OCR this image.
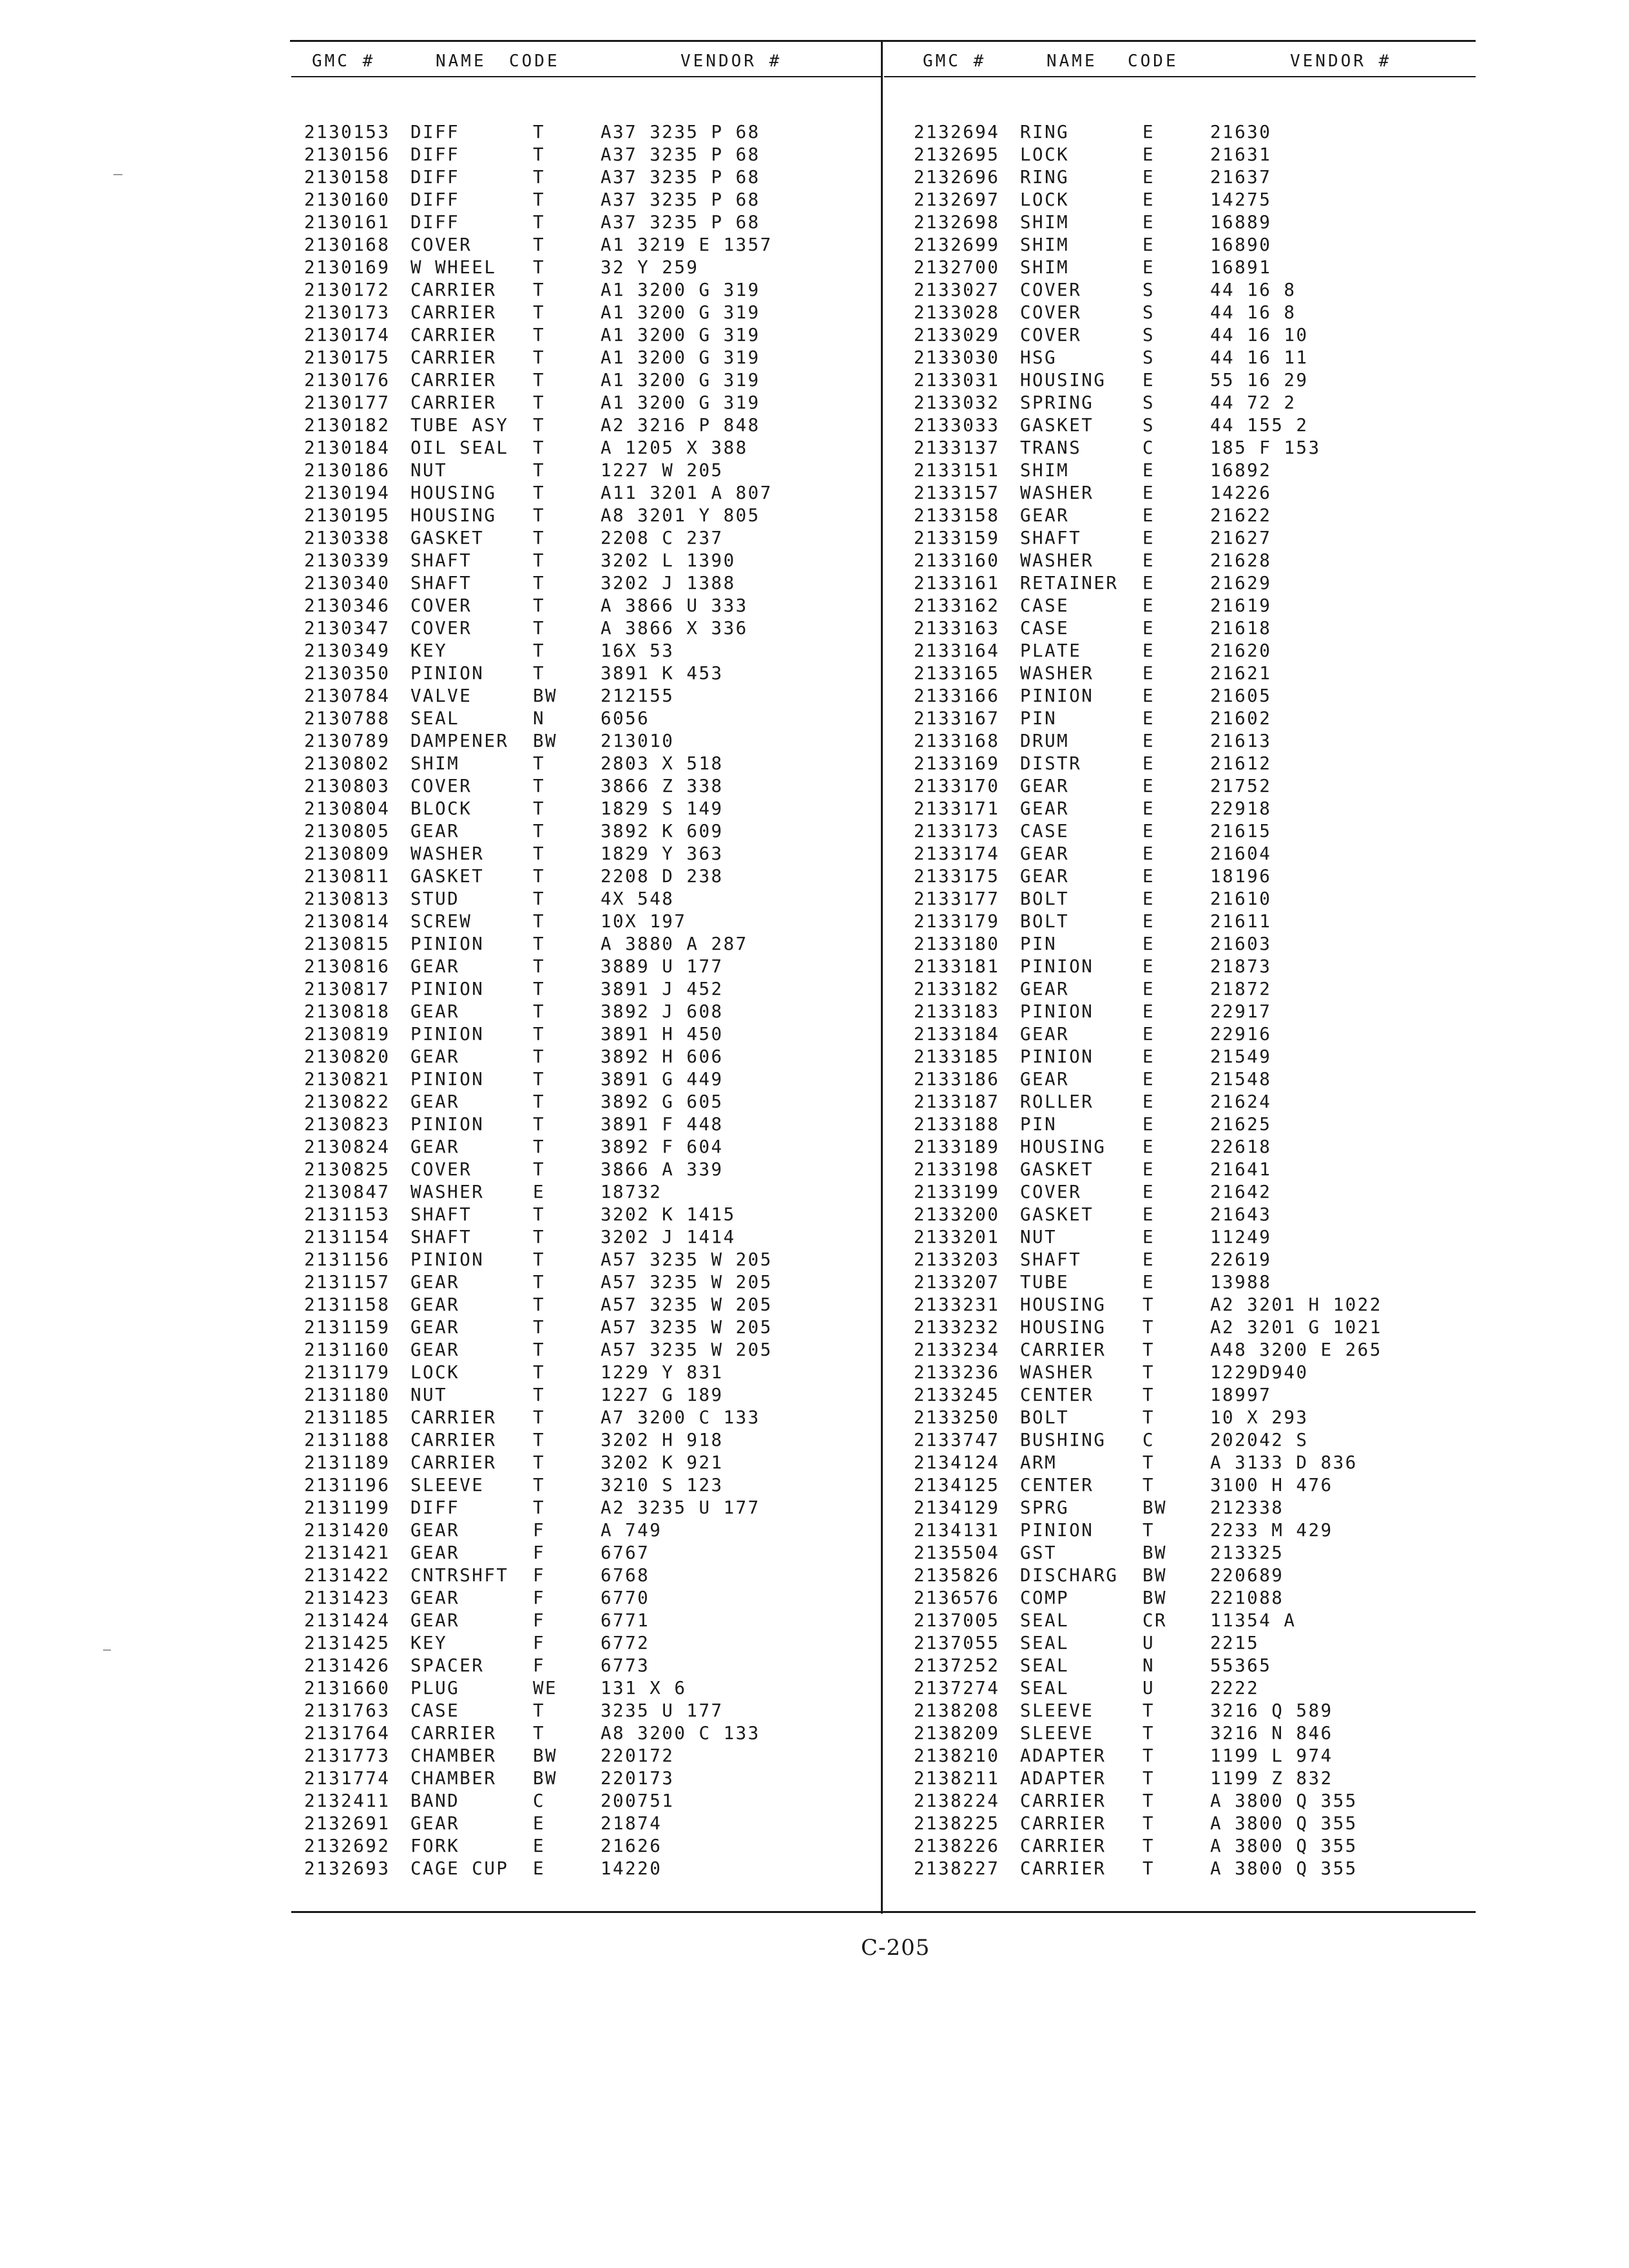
GMC #	NAME CODE	VENDOR #	GMC #	NAME CODE	VENDOR #
2130153 DIFF	T	A37 3235 P 68
2130156 DIFF	T	A37 3235 P 68
2130158 DIFF	T	A37 3235 P 68
2130160 DIFF	T	A37 3235 P 68
2130161 DIFF	T	A37 3235 P 68
2130168 COVER	T	A1 3219 E 1357
2130169 W WHEEL T	32 Y 259
2130172 CARRIER T	A1 3200 G 319
2130173 CARRIER T	A1 3200 G 319
2130174 CARRIER T	A1 3200 G 319
2130175 CARRIER T	A1 3200 G 319
2130176 CARRIER T	A1 3200 G 319
2130177 CARRIER T	A1 3200 G 319
2130182 TUBE ASY T	A2 3216 P 848
2130184 OIL SEAL T	A 1205 X 388
2130186 NUT	T	1227 W 205
2130194 HOUSING T	A11 3201 A 807
2130195 HOUSING T	A8 3201 Y 805
2130338 GASKET	T	2208 C 237
2130339 SHAFT	T	3202 L 1390
2130340 SHAFT	T	3202 J 1388
2130346 COVER	T	A 3866 U 333
2130347 COVER	T	A 3866 X 336
2130349 KEY	T	16X 53
2130350 PINION	T	3891 K 453
2130784 VALVE	BW 212155
2130788 SEAL	N	6056
2130789 DAMPENER BW 213010
2130802 SHIM	T	2803 X 518
2130803 COVER	T	3866 Z 338
2130804 BLOCK	T	1829 S 149
2130805 GEAR	T	3892 K 609
2130809 WASHER	T	1829 Y 363
2130811 GASKET	T	2208 D 238
2130813 STUD	T	4X 548
2130814 SCREW	T	10X 197
2130815 PINION	T	A 3880 A 287
2130816 GEAR	T	3889 U 177
2130817 PINION	T	3891 J 452
2130818 GEAR	T	3892 J 608
2130819 PINION	T	3891 H 450
2130820 GEAR	T	3892 H 606
2130821 PINION	T	3891 G 449
2130822 GEAR	T	3892 G 605
2130823 PINION	T	3891 F 448
2130824 GEAR	T	3892 F 604
2130825 COVER	T	3866 A 339
2130847 WASHER	E	18732
2131153 SHAFT	T	3202 K 1415
2131154 SHAFT	T	3202 J 1414
2131156 PINION	T	A57 3235 W 205
2131157 GEAR	T	A57 3235 W 205
2131158 GEAR	T	A57 3235 W 205
2131159 GEAR	T	A57 3235 W 205
2131160 GEAR	T	A57 3235 W 205
2131179 LOCK	T	1229 Y 831
2131180 NUT	T	1227 G 189
2131185 CARRIER T	A7 3200 C 133
2131188 CARRIER T	3202 H 918
2131189 CARRIER T	3202 K 921
2131196 SLEEVE	T	3210 S 123
2131199 DIFF	T	A2 3235 U 177
2131420 GEAR	F	A 749
2131421 GEAR	F	6767
2131422 CNTRSHFT F	6768
2131423 GEAR	F	6770
2131424 GEAR	F	6771
2131425 KEY	F	6772
2131426 SPACER	F	6773
2131660 PLUG	WE 131 X 6
2131763 CASE	T	3235 U 177
2131764 CARRIER T	A8 3200 C 133
2131773 CHAMBER BW 220172
2131774 CHAMBER BW 220173
2132411 BAND	C	200751
2132691 GEAR	E	21874
2132692 FORK	E	21626
2132693 CAGE CUP E	14220
2132694 RING	E	21630
2132695 LOCK	E	21631
2132696 RING	E	21637
2132697 LOCK	E	14275
2132698 SHIM	E	16889
2132699 SHIM	E	16890
2132700 SHIM	E	16891
2133027 COVER	S	44 16 8
2133028 COVER	S	44 16 8
2133029 COVER	S	44 16 10
2133030 HSG	S	44 16 11
2133031 HOUSING E	55 16 29
2133032 SPRING	S	44 72 2
2133033 GASKET	S	44 155 2
2133137 TRANS	C	185 F 153
2133151 SHIM	E	16892
2133157 WASHER	E	14226
2133158 GEAR	E	21622
2133159 SHAFT	E	21627
2133160 WASHER	E	21628
2133161 RETAINER E	21629
2133162 CASE	E	21619
2133163 CASE	E	21618
2133164 PLATE	E	21620
2133165 WASHER	E	21621
2133166 PINION	E	21605
2133167 PIN	E	21602
2133168 DRUM	E	21613
2133169 DISTR	E	21612
2133170 GEAR	E	21752
2133171 GEAR	E	22918
2133173 CASE	E	21615
2133174 GEAR	E	21604
2133175 GEAR	E	18196
2133177 BOLT	E	21610
2133179 BOLT	E	21611
2133180 PIN	E	21603
2133181 PINION	E	21873
2133182 GEAR	E	21872
2133183 PINION	E	22917
2133184 GEAR	E	22916
2133185 PINION	E	21549
2133186 GEAR	E	21548
2133187 ROLLER	E	21624
2133188 PIN	E	21625
2133189 HOUSING E	22618
2133198 GASKET	E	21641
2133199 COVER	E	21642
2133200 GASKET	E	21643
2133201 NUT	E	11249
2133203 SHAFT	E	22619
2133207 TUBE	E	13988
2133231 HOUSING T	A2 3201 H 1022
2133232 HOUSING T	A2 3201 G 1021
2133234 CARRIER T	A48 3200 E 265
2133236 WASHER	T	1229D940
2133245 CENTER	T	18997
2133250 BOLT	T	10 X 293
2133747 BUSHING C	202042 S
2134124 ARM	T	A 3133 D 836
2134125 CENTER	T	3100 H 476
2134129 SPRG	BW 212338
2134131 PINION	T	2233 M 429
2135504 GST	BW 213325
2135826 DISCHARG BW 220689
2136576 COMP	BW 221088
2137005 SEAL	CR 11354 A
2137055 SEAL	U	2215
2137252 SEAL	N	55365
2137274 SEAL	U	2222
2138208 SLEEVE	T	3216 Q 589
2138209 SLEEVE	T	3216 N 846
2138210 ADAPTER T	1199 L 974
2138211 ADAPTER T	1199 Z 832
2138224 CARRIER T	A 3800 Q 355
2138225 CARRIER T	A 3800 Q 355
2138226 CARRIER T	A 3800 Q 355
2138227 CARRIER T	A 3800 Q 355
C-205
